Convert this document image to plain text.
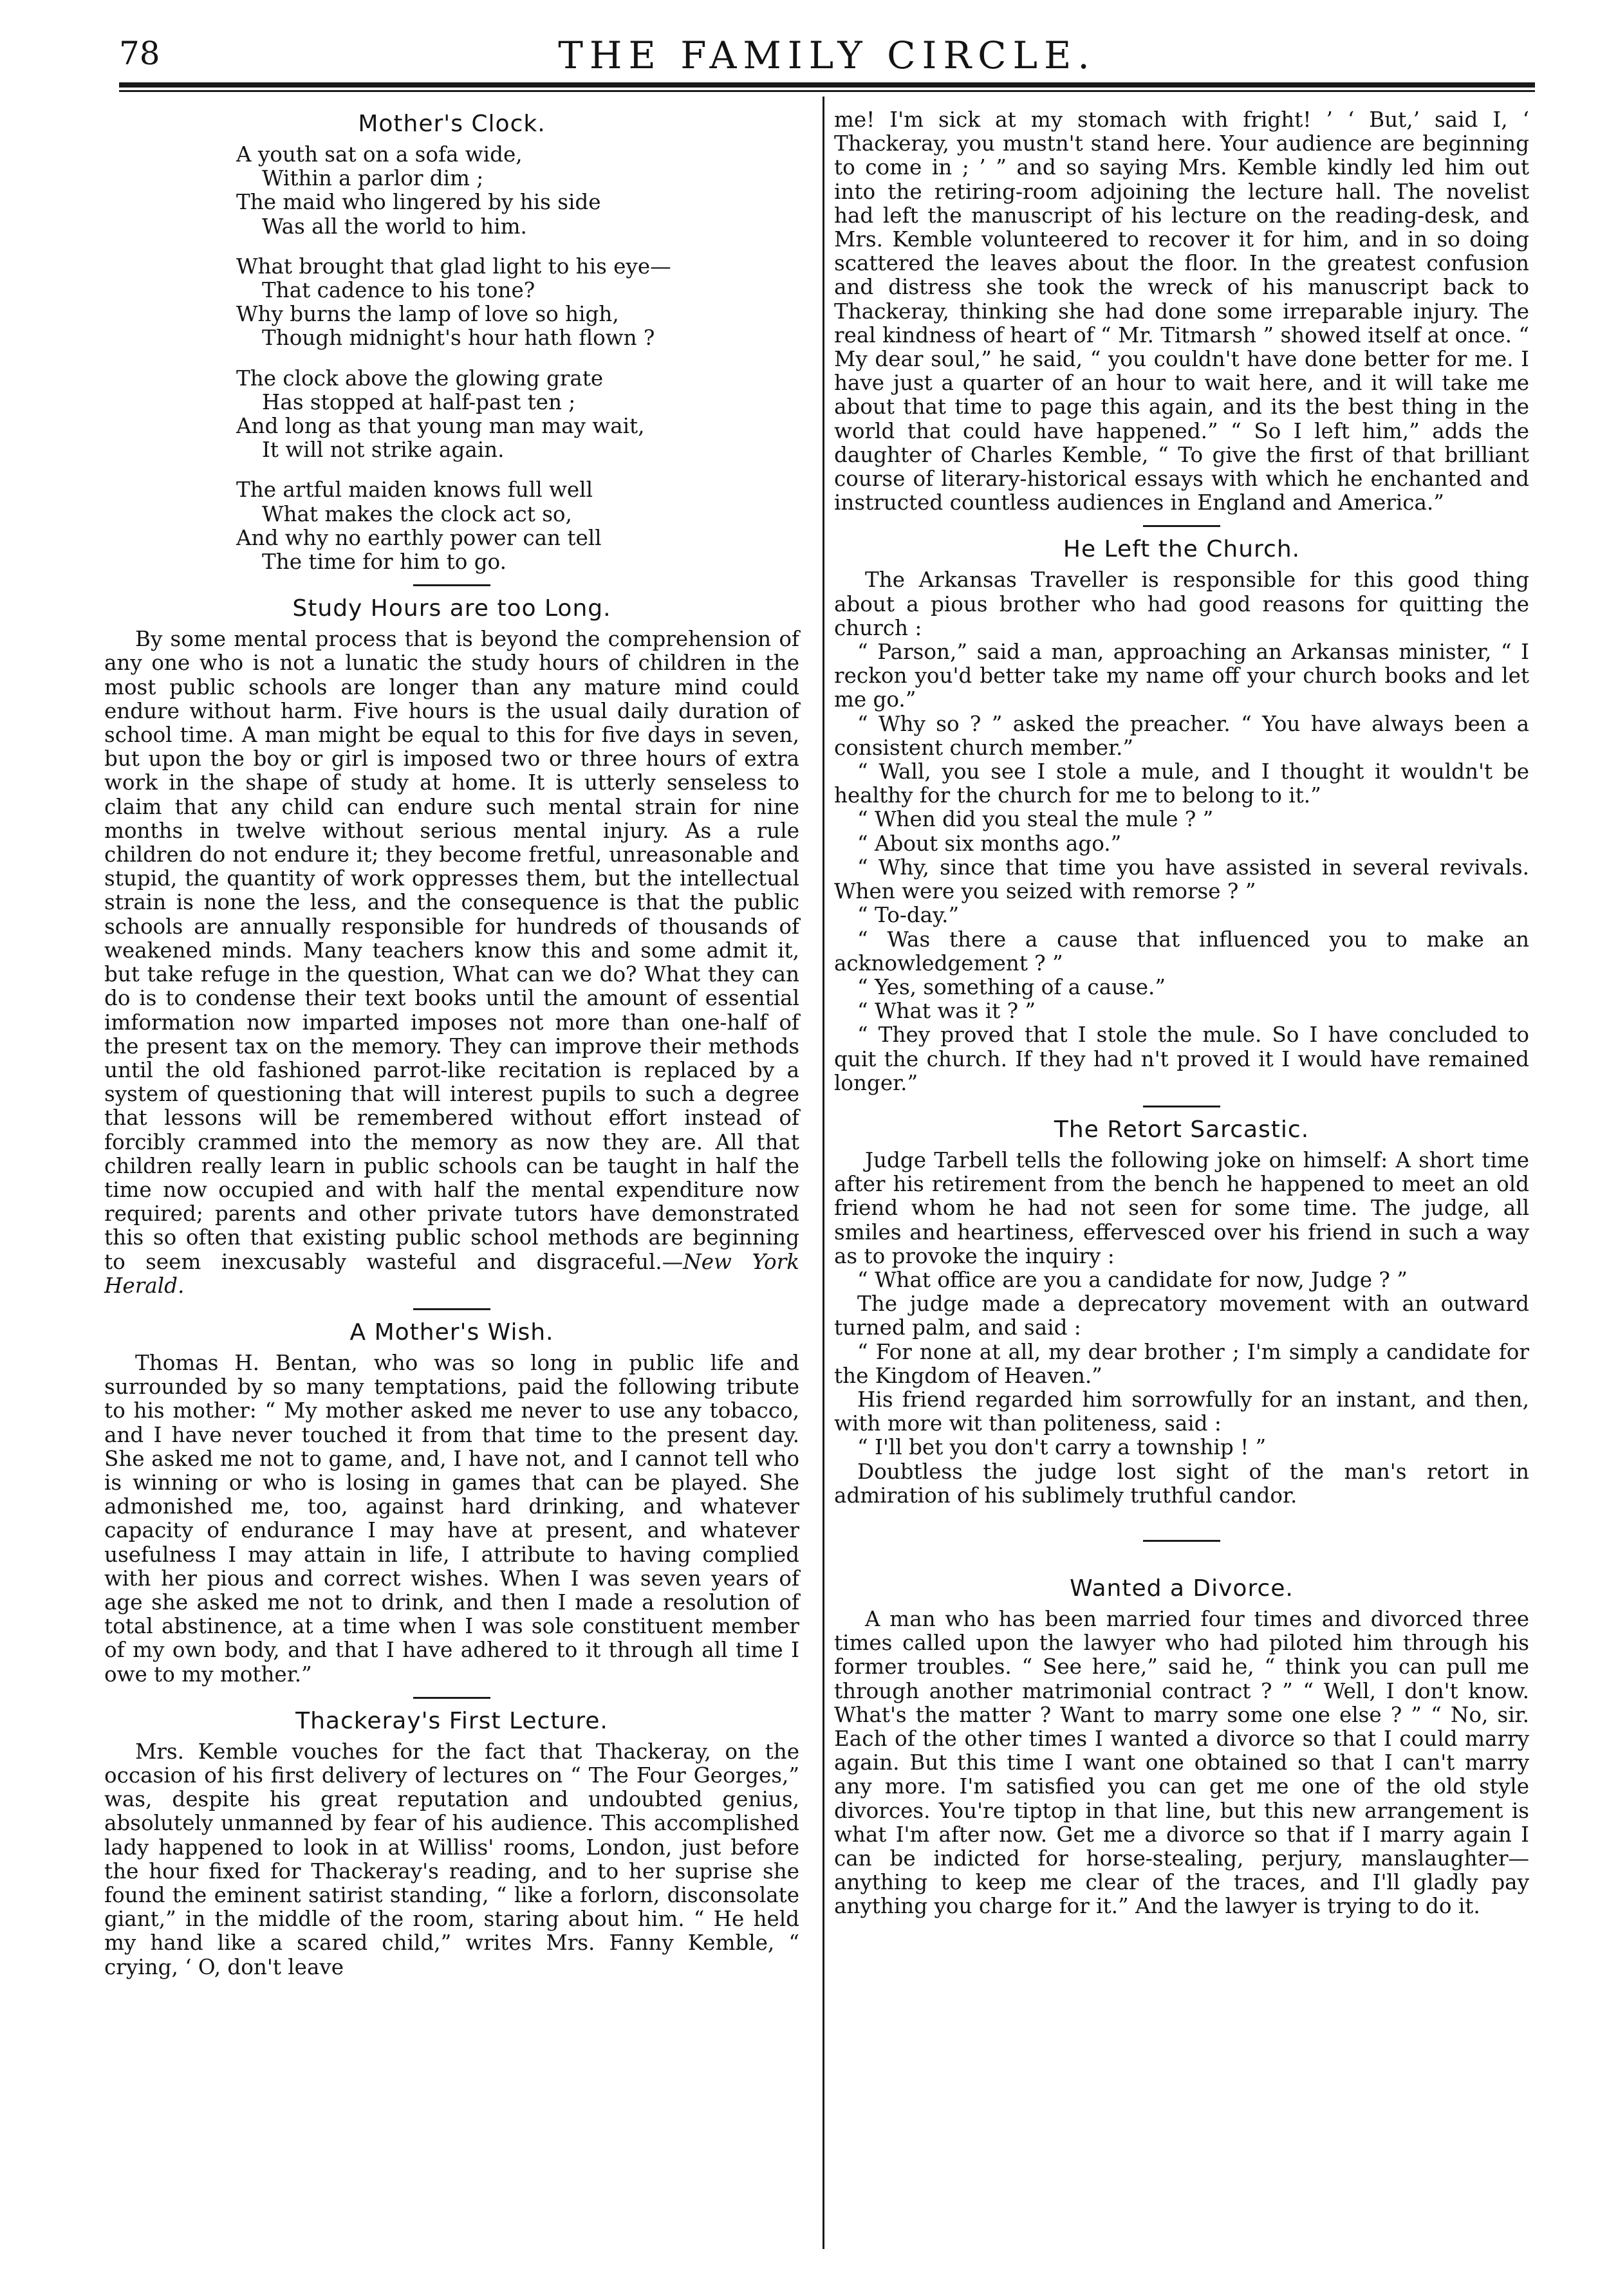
78	THE FAMILY CIRCLE.
Mother's Clock.
A youth sat on a sofa wide,
Within a parlor dim ;
The maid who lingered by his side
Was all the world to him.
What brought that glad light to his eye—
That cadence to his tone?
Why burns the lamp of love so high,
Though midnight's hour hath flown ?
The clock above the glowing grate
Has stopped at half-past ten ;
And long as that young man may wait,
It will not strike again.
The artful maiden knows full well
What makes the clock act so,
And why no earthly power can tell
The time for him to go.
Study Hours are too Long.

By some mental process that is beyond the comprehension of any one who is not a lunatic the study hours of children in the most public schools are longer than any mature mind could endure without harm. Five hours is the usual daily duration of school time. A man might be equal to this for five days in seven, but upon the boy or girl is imposed two or three hours of extra work in the shape of study at home. It is utterly senseless to claim that any child can endure such mental strain for nine months in twelve without serious mental injury. As a rule children do not endure it; they become fretful, unreasonable and stupid, the quantity of work oppresses them, but the intellectual strain is none the less, and the consequence is that the public schools are annually responsible for hundreds of thousands of weakened minds. Many teachers know this and some admit it, but take refuge in the question, What can we do? What they can do is to condense their text books until the amount of essential imformation now imparted imposes not more than one-half of the present tax on the memory. They can improve their methods until the old fashioned parrot-like recitation is replaced by a system of questioning that will interest pupils to such a degree that lessons will be remembered without effort instead of forcibly crammed into the memory as now they are. All that children really learn in public schools can be taught in half the time now occupied and with half the mental expenditure now required; parents and other private tutors have demonstrated this so often that existing public school methods are beginning to seem inexcusably wasteful and disgraceful.—New York Herald.

A Mother's Wish.

Thomas H. Bentan, who was so long in public life and surrounded by so many temptations, paid the following tribute to his mother: “ My mother asked me never to use any tobacco, and I have never touched it from that time to the present day. She asked me not to game, and, I have not, and I cannot tell who is winning or who is losing in games that can be played. She admonished me, too, against hard drinking, and whatever capacity of endurance I may have at present, and whatever usefulness I may attain in life, I attribute to having complied with her pious and correct wishes. When I was seven years of age she asked me not to drink, and then I made a resolution of total abstinence, at a time when I was sole constituent member of my own body, and that I have adhered to it through all time I owe to my mother.”

Thackeray's First Lecture.

Mrs. Kemble vouches for the fact that Thackeray, on the occasion of his first delivery of lectures on “ The Four Georges,” was, despite his great reputation and undoubted genius, absolutely unmanned by fear of his audience. This accomplished lady happened to look in at Williss' rooms, London, just before the hour fixed for Thackeray's reading, and to her suprise she found the eminent satirist standing, “ like a forlorn, disconsolate giant,” in the middle of the room, staring about him. “ He held my hand like a scared child,” writes Mrs. Fanny Kemble, “ crying, ‘ O, don't leave

me! I'm sick at my stomach with fright! ’ ‘ But,’ said I, ‘ Thackeray, you mustn't stand here. Your audience are beginning to come in ; ’ ” and so saying Mrs. Kemble kindly led him out into the retiring-room adjoining the lecture hall. The novelist had left the manuscript of his lecture on the reading-desk, and Mrs. Kemble volunteered to recover it for him, and in so doing scattered the leaves about the floor. In the greatest confusion and distress she took the wreck of his manuscript back to Thackeray, thinking she had done some irreparable injury. The real kindness of heart of “ Mr. Titmarsh ” showed itself at once. “ My dear soul,” he said, “ you couldn't have done better for me. I have just a quarter of an hour to wait here, and it will take me about that time to page this again, and its the best thing in the world that could have happened.” “ So I left him,” adds the daughter of Charles Kemble, “ To give the first of that brilliant course of literary-historical essays with which he enchanted and instructed countless audiences in England and America.”

He Left the Church.

The Arkansas Traveller is responsible for this good thing about a pious brother who had good reasons for quitting the church :

“ Parson,” said a man, approaching an Arkansas minister, “ I reckon you'd better take my name off your church books and let me go.”

“ Why so ? ” asked the preacher. “ You have always been a consistent church member.”

“ Wall, you see I stole a mule, and I thought it wouldn't be healthy for the church for me to belong to it.”

“ When did you steal the mule ? ”

“ About six months ago.”

“ Why, since that time you have assisted in several revivals. When were you seized with remorse ? ”

“ To-day.”

“ Was there a cause that influenced you to make an acknowledgement ? ”

“ Yes, something of a cause.”

“ What was it ? ”

“ They proved that I stole the mule. So I have concluded to quit the church. If they had n't proved it I would have remained longer.”

The Retort Sarcastic.

Judge Tarbell tells the following joke on himself: A short time after his retirement from the bench he happened to meet an old friend whom he had not seen for some time. The judge, all smiles and heartiness, effervesced over his friend in such a way as to provoke the inquiry :

“ What office are you a candidate for now, Judge ? ”

The judge made a deprecatory movement with an outward turned palm, and said :

“ For none at all, my dear brother ; I'm simply a candidate for the Kingdom of Heaven.”

His friend regarded him sorrowfully for an instant, and then, with more wit than politeness, said :

“ I'll bet you don't carry a township ! ”

Doubtless the judge lost sight of the man's retort in admiration of his sublimely truthful candor.

Wanted a Divorce.

A man who has been married four times and divorced three times called upon the lawyer who had piloted him through his former troubles. “ See here,” said he, “ think you can pull me through another matrimonial contract ? ” “ Well, I don't know. What's the matter ? Want to marry some one else ? ” “ No, sir. Each of the other times I wanted a divorce so that I could marry again. But this time I want one obtained so that I can't marry any more. I'm satisfied you can get me one of the old style divorces. You're tiptop in that line, but this new arrangement is what I'm after now. Get me a divorce so that if I marry again I can be indicted for horse-stealing, perjury, manslaughter—anything to keep me clear of the traces, and I'll gladly pay anything you charge for it.” And the lawyer is trying to do it.
